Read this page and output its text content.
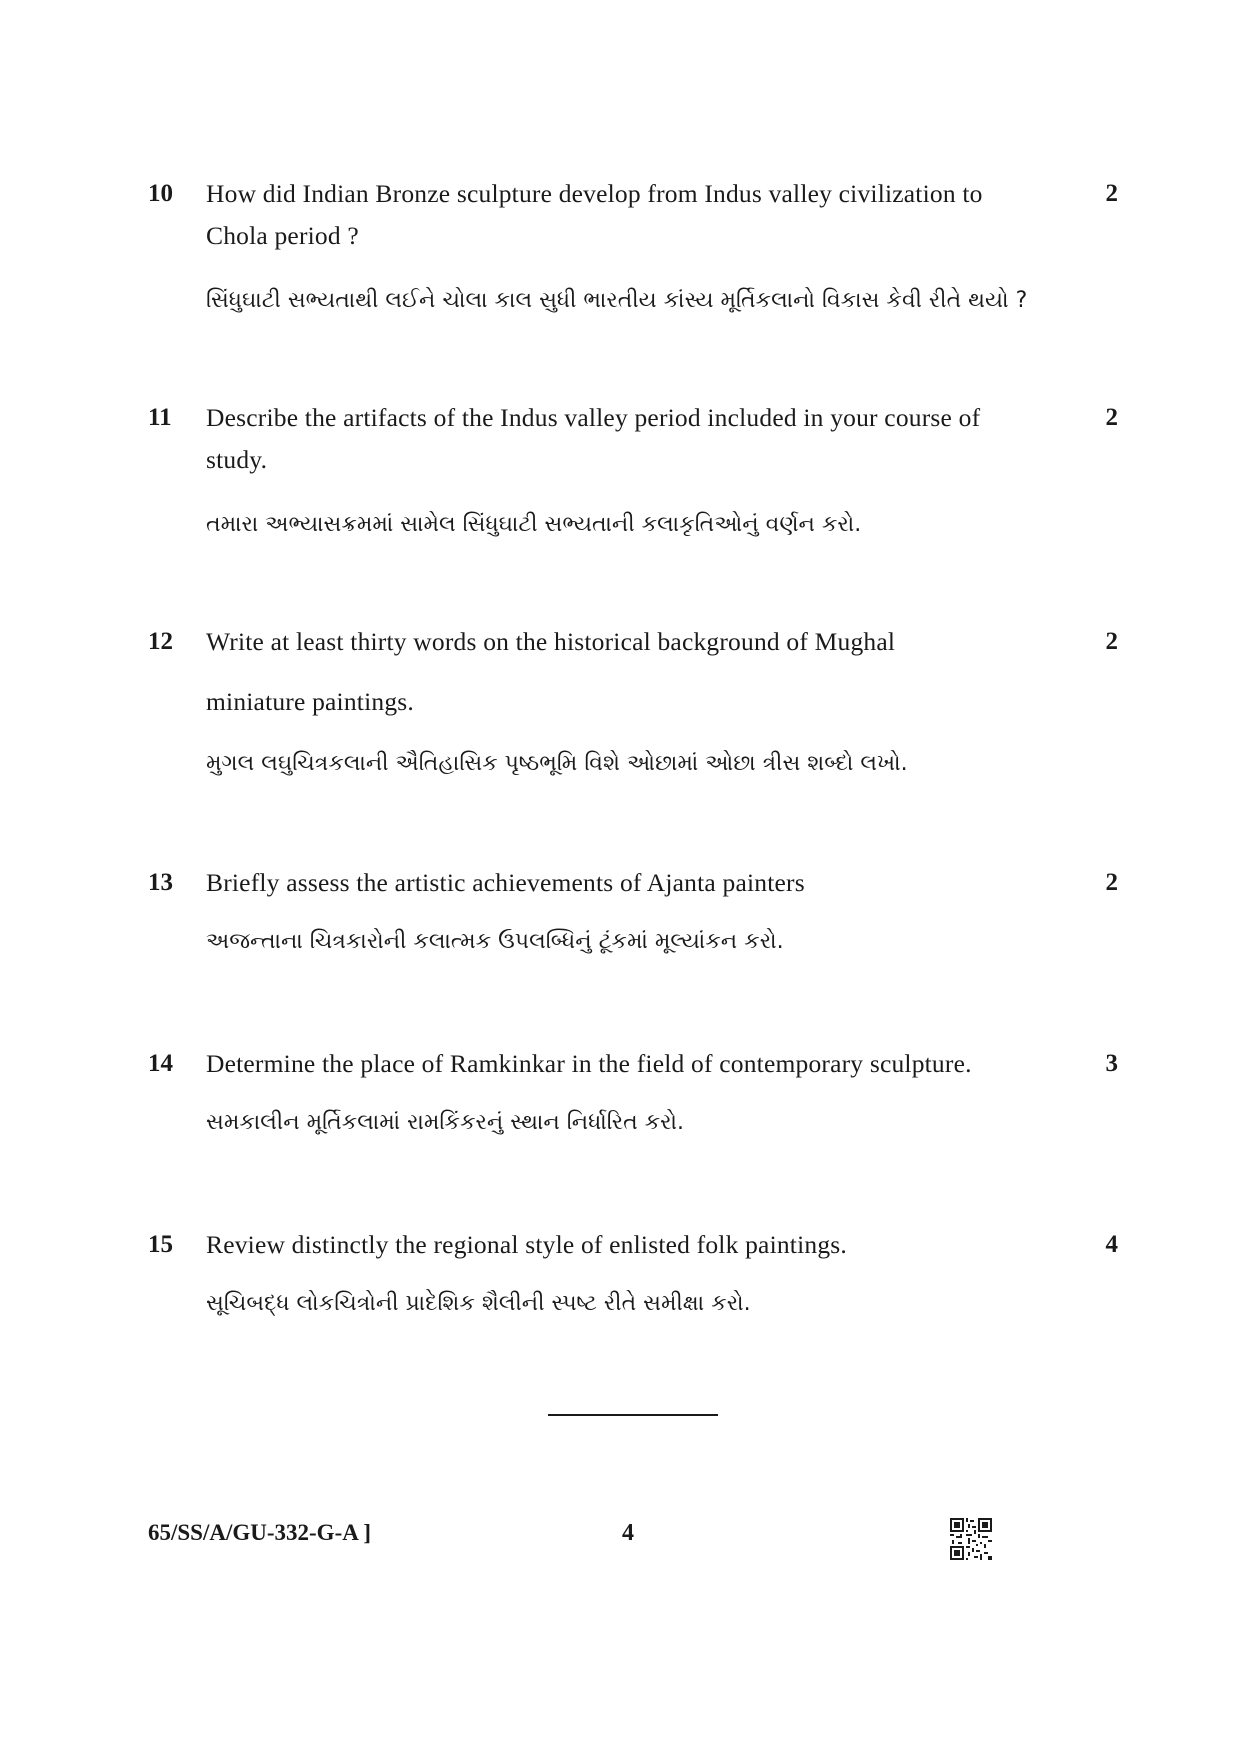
10 How did Indian Bronze sculpture develop from Indus valley civilization to Chola period ?
સિંધુઘાટી સભ્યતાથી લઈને ચોલા કાલ સુધી ભારતીય કાંસ્ય મૂર્તિકલાનો વિકાસ કેવી રીતે થયો ?
2
11 Describe the artifacts of the Indus valley period included in your course of study.
તમારા અભ્યાસક્રમમાં સામેલ સિંધુઘાટી સભ્યતાની કલાકૃતિઓનું વર્ણન કરો.
2
12 Write at least thirty words on the historical background of Mughal
miniature paintings.
મુગલ લઘુચિત્રકલાની ઐતિહાસિક પૃષ્ઠભૂમિ વિશે ઓછામાં ઓછા ત્રીસ શબ્દો લખો.
2
13 Briefly assess the artistic achievements of Ajanta painters
અજન્તાના ચિત્રકારોની કલાત્મક ઉપલબ્ધિનું ટૂંકમાં મૂલ્યાંકન કરો.
2
14 Determine the place of Ramkinkar in the field of contemporary sculpture.
સમકાલીન મૂર્તિકલામાં રામકિંકરનું સ્થાન નિર્ધારિત કરો.
3
15 Review distinctly the regional style of enlisted folk paintings.
સૂચિબદ્ધ લોકચિત્રોની પ્રાદેશિક શૈલીની સ્પષ્ટ રીતે સમીક્ષા કરો.
4
65/SS/A/GU-332-G-A ]	4
